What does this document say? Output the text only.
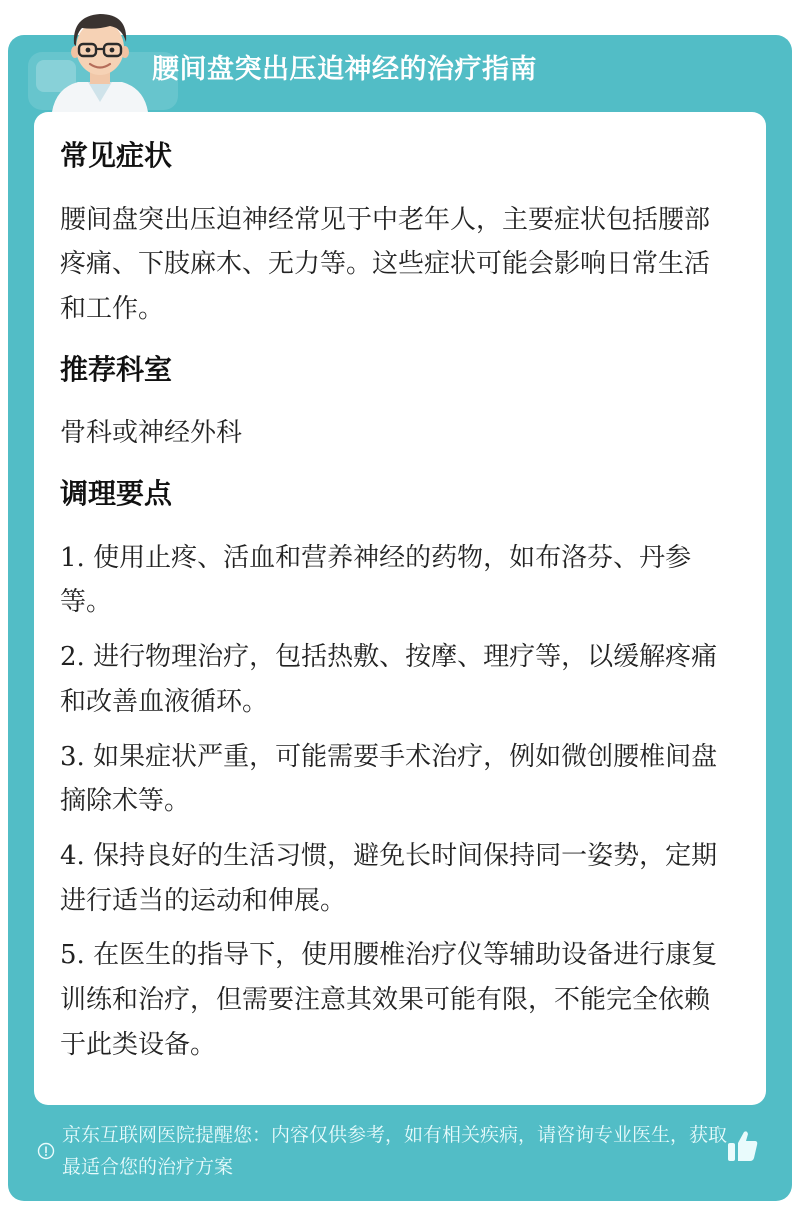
腰间盘突出压迫神经的治疗指南
常见症状

腰间盘突出压迫神经常见于中老年人，主要症状包括腰部疼痛、下肢麻木、无力等。这些症状可能会影响日常生活和工作。

推荐科室

骨科或神经外科

调理要点

1. 使用止疼、活血和营养神经的药物，如布洛芬、丹参等。

2. 进行物理治疗，包括热敷、按摩、理疗等，以缓解疼痛和改善血液循环。

3. 如果症状严重，可能需要手术治疗，例如微创腰椎间盘摘除术等。

4. 保持良好的生活习惯，避免长时间保持同一姿势，定期进行适当的运动和伸展。

5. 在医生的指导下，使用腰椎治疗仪等辅助设备进行康复训练和治疗，但需要注意其效果可能有限，不能完全依赖于此类设备。

京东互联网医院提醒您：内容仅供参考，如有相关疾病，请咨询专业医生，获取最适合您的治疗方案
